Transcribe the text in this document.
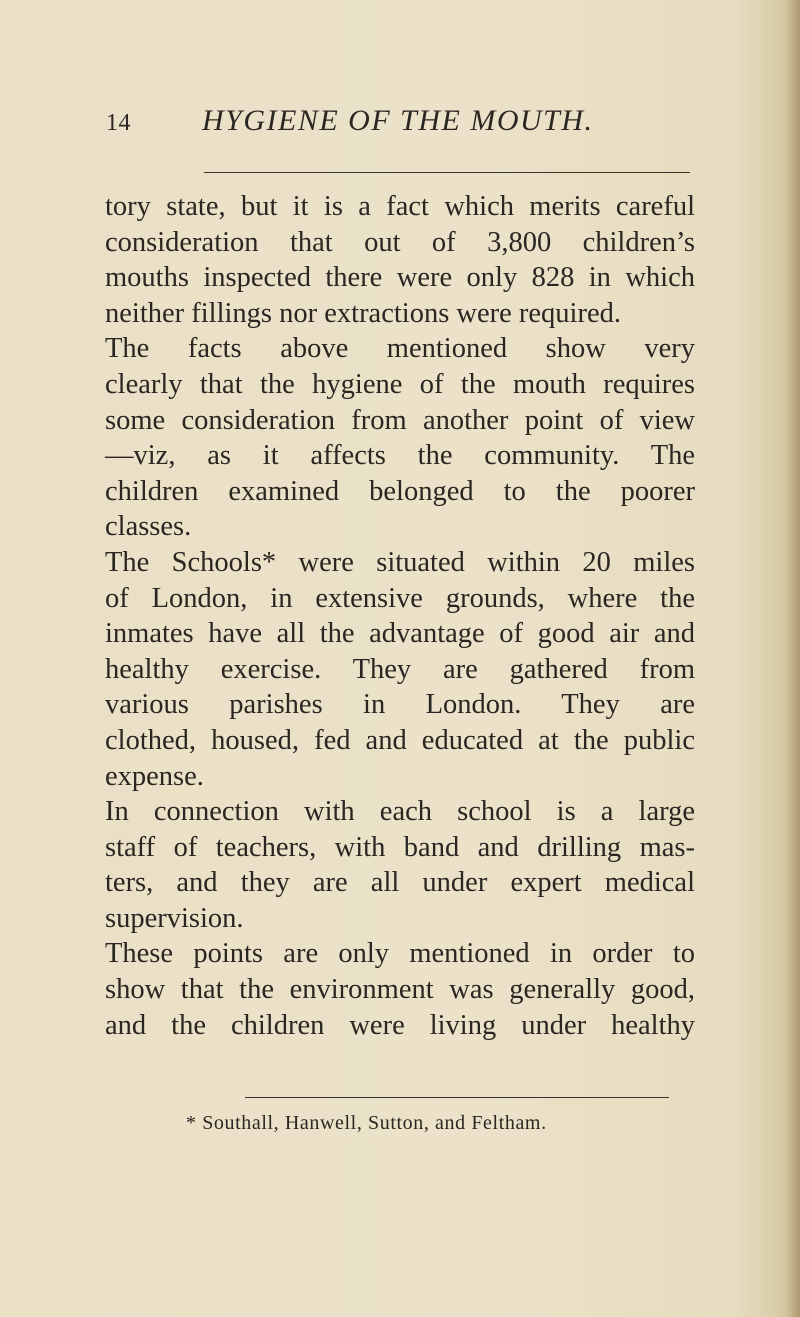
14 HYGIENE OF THE MOUTH.
tory state, but it is a fact which merits careful
consideration that out of 3,800 children’s
mouths inspected there were only 828 in which
neither fillings nor extractions were required.
The facts above mentioned show very
clearly that the hygiene of the mouth requires
some consideration from another point of view
—viz, as it affects the community. The
children examined belonged to the poorer
classes.
The Schools* were situated within 20 miles
of London, in extensive grounds, where the
inmates have all the advantage of good air and
healthy exercise. They are gathered from
various parishes in London. They are
clothed, housed, fed and educated at the public
expense.
In connection with each school is a large
staff of teachers, with band and drilling mas-
ters, and they are all under expert medical
supervision.
These points are only mentioned in order to
show that the environment was generally good,
and the children were living under healthy
* Southall, Hanwell, Sutton, and Feltham.
